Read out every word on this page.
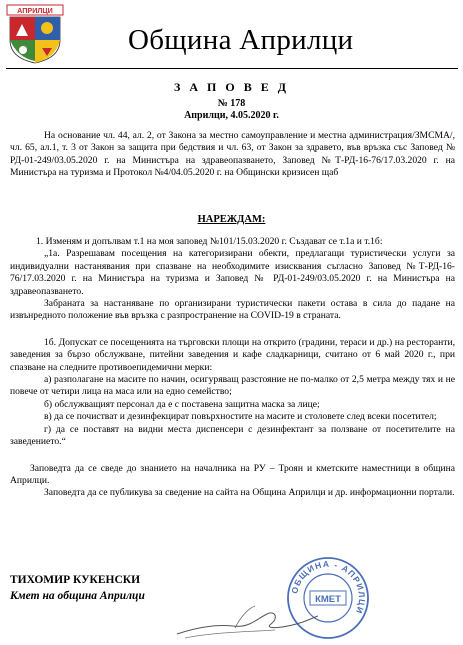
АПРИЛЦИ
Община Априлци
З А П О В Е Д
№ 178
Априлци, 4.05.2020 г.

На основание чл. 44, ал. 2, от Закона за местно самоуправление и местна администрация/ЗМСМА/, чл. 65, ал.1, т. 3 от Закон за защита при бедствия и чл. 63, от Закон за здравето, във връзка със Заповед № РД-01-249/03.05.2020 г. на Министъра на здравеопазването, Заповед №Т-РД-16-76/17.03.2020 г. на Министъра на туризма и Протокол №4/04.05.2020 г. на Общински кризисен щаб

НАРЕЖДАМ:

1. Изменям и допълвам т.1 на моя заповед №101/15.03.2020 г. Създават се т.1а и т.1б:

„1а. Разрешавам посещения на категоризирани обекти, предлагащи туристически услуги за индивидуални настанявания при спазване на необходимите изисквания съгласно Заповед №Т-РД-16-76/17.03.2020 г. на Министъра на туризма и Заповед № РД-01-249/03.05.2020 г. на Министъра на здравеопазването.

Забраната за настаняване по организирани туристически пакети остава в сила до падане на извънредното положение във връзка с разпространение на COVID-19 в страната.

1б. Допускат се посещенията на търговски площи на открито (градини, тераси и др.) на ресторанти, заведения за бързо обслужване, питейни заведения и кафе сладкарници, считано от 6 май 2020 г., при спазване на следните противоепидемични мерки:

а) разполагане на масите по начин, осигуряващ разстояние не по-малко от 2,5 метра между тях и не повече от четири лица на маса или на едно семейство;

б) обслужващият персонал да е с поставена защитна маска за лице;

в) да се почистват и дезинфекцират повърхностите на масите и столовете след всеки посетител;

г) да се поставят на видни места диспенсери с дезинфектант за ползване от посетителите на заведението.“

Заповедта да се сведе до знанието на началника на РУ – Троян и кметските наместници в община Априлци.

Заповедта да се публикува за сведение на сайта на Община Априлци и др. информационни портали.

ТИХОМИР КУКЕНСКИ
Кмет на община Априлци
ОБЩИНА - АПРИЛЦИ
КМЕТ
